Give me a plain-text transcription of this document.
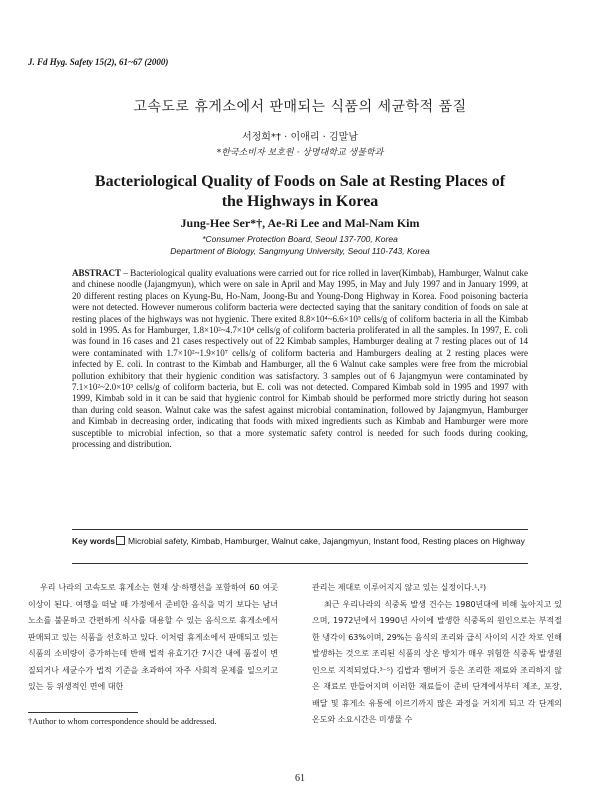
J. Fd Hyg. Safety 15(2), 61~67 (2000)
고속도로 휴게소에서 판매되는 식품의 세균학적 품질
서정희*† · 이애리 · 김말남
*한국소비자 보호원 · 상명대학교 생물학과
Bacteriological Quality of Foods on Sale at Resting Places of
the Highways in Korea
Jung-Hee Ser*†, Ae-Ri Lee and Mal-Nam Kim
*Consumer Protection Board, Seoul 137-700, Korea
Department of Biology, Sangmyung University, Seoul 110-743, Korea
ABSTRACT – Bacteriological quality evaluations were carried out for rice rolled in laver(Kimbab), Hamburger, Walnut cake and chinese noodle (Jajangmyun), which were on sale in April and May 1995, in May and July 1997 and in January 1999, at 20 different resting places on Kyung-Bu, Ho-Nam, Joong-Bu and Young-Dong Highway in Korea. Food poisoning bacteria were not detected. However numerous coliform bacteria were dectected saying that the sanitary condition of foods on sale at resting places of the highways was not hygienic. There exited 8.8×10⁴~6.6×10⁵ cells/g of coliform bacteria in all the Kimbab sold in 1995. As for Hamburger, 1.8×10²~4.7×10⁴ cells/g of coliform bacteria proliferated in all the samples. In 1997, E. coli was found in 16 cases and 21 cases respectively out of 22 Kimbab samples, Hamburger dealing at 7 resting places out of 14 were contaminated with 1.7×10²~1.9×10⁷ cells/g of coliform bacteria and Hamburgers dealing at 2 resting places were infected by E. coli. In contrast to the Kimbab and Hamburger, all the 6 Walnut cake samples were free from the microbial pollution exhibitory that their hygienic condition was satisfactory. 3 samples out of 6 Jajangmyun were contaminated by 7.1×10²~2.0×10³ cells/g of coliform bacteria, but E. coli was not detected. Compared Kimbab sold in 1995 and 1997 with 1999, Kimbab sold in it can be said that hygienic control for Kimbab should be performed more strictly during hot season than during cold season. Walnut cake was the safest against microbial contamination, followed by Jajangmyun, Hamburger and Kimbab in decreasing order, indicating that foods with mixed ingredients such as Kimbab and Hamburger were more susceptible to microbial infection, so that a more systematic safety control is needed for such foods during cooking, processing and distribution.
Key words Microbial safety, Kimbab, Hamburger, Walnut cake, Jajangmyun, Instant food, Resting places on Highway
우리 나라의 고속도로 휴게소는 현재 상·하행선을 포함하여 60 여곳 이상이 된다. 여행을 떠날 때 가정에서 준비한 음식을 먹기 보다는 남녀 노소를 불문하고 간편하게 식사를 대용할 수 있는 음식으로 휴게소에서 판매되고 있는 식품을 선호하고 있다. 이처럼 휴게소에서 판매되고 있는 식품의 소비량이 증가하는데 반해 법적 유효기간 7시간 내에 품질이 변질되거나 세균수가 법적 기준을 초과하여 자주 사회적 문제를 일으키고 있는 등 위생적인 면에 대한
관리는 제대로 이루어지지 않고 있는 실정이다.¹,²)
최근 우리나라의 식중독 발생 건수는 1980년대에 비해 높아지고 있으며, 1972년에서 1990년 사이에 발생한 식중독의 원인으로는 부적절한 냉각이 63%이며, 29%는 음식의 조리와 급식 사이의 시간 차로 인해 발생하는 것으로 조리된 식품의 상온 방치가 매우 위험한 식중독 발생원인으로 지적되었다.³⁻⁵) 김밥과 햄버거 등은 조리한 재료와 조리하지 않은 재료로 만들어지며 이러한 재료들이 준비 단계에서부터 제조, 포장, 배달 및 휴게소 유통에 이르기까지 많은 과정을 거치게 되고 각 단계의 온도와 소요시간은 미생물 수
†Author to whom correspondence should be addressed.
61
